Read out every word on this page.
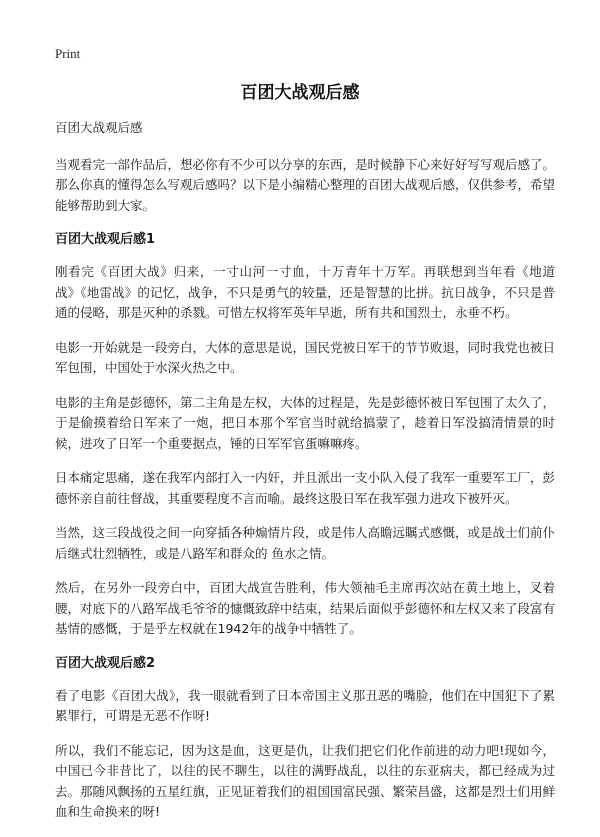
Print
百团大战观后感

百团大战观后感

当观看完一部作品后，想必你有不少可以分享的东西，是时候静下心来好好写写观后感了。那么你真的懂得怎么写观后感吗？以下是小编精心整理的百团大战观后感，仅供参考，希望能够帮助到大家。

百团大战观后感1

刚看完《百团大战》归来，一寸山河一寸血，十万青年十万军。再联想到当年看《地道战》《地雷战》的记忆，战争，不只是勇气的较量，还是智慧的比拼。抗日战争，不只是普通的侵略，那是灭种的杀戮。可惜左权将军英年早逝，所有共和国烈士，永垂不朽。

电影一开始就是一段旁白，大体的意思是说，国民党被日军干的节节败退，同时我党也被日军包围，中国处于水深火热之中。

电影的主角是彭德怀，第二主角是左权，大体的过程是，先是彭德怀被日军包围了太久了，于是偷摸着给日军来了一炮，把日本那个军官当时就给搞蒙了，趁着日军没搞清情景的时候，进攻了日军一个重要据点，锤的日军军官蛋嘛嘛疼。

日本痛定思痛，遂在我军内部打入一内奸，并且派出一支小队入侵了我军一重要军工厂，彭德怀亲自前往督战，其重要程度不言而喻。最终这股日军在我军强力进攻下被歼灭。

当然，这三段战役之间一向穿插各种煽情片段，或是伟人高瞻远瞩式感慨，或是战士们前仆后继式壮烈牺牲，或是八路军和群众的 鱼水之情。

然后，在另外一段旁白中，百团大战宣告胜利，伟大领袖毛主席再次站在黄土地上，叉着腰，对底下的八路军战毛爷爷的慷慨致辞中结束，结果后面似乎彭德怀和左权又来了段富有基情的感慨，于是乎左权就在1942年的战争中牺牲了。

百团大战观后感2

看了电影《百团大战》，我一眼就看到了日本帝国主义那丑恶的嘴脸，他们在中国犯下了累累罪行，可谓是无恶不作呀!

所以，我们不能忘记，因为这是血，这更是仇，让我们把它们化作前进的动力吧!现如今，中国已今非昔比了，以往的民不聊生，以往的满野战乱，以往的东亚病夫，都已经成为过去。那随风飘扬的五星红旗，正见证着我们的祖国国富民强、繁荣昌盛，这都是烈士们用鲜血和生命换来的呀!
